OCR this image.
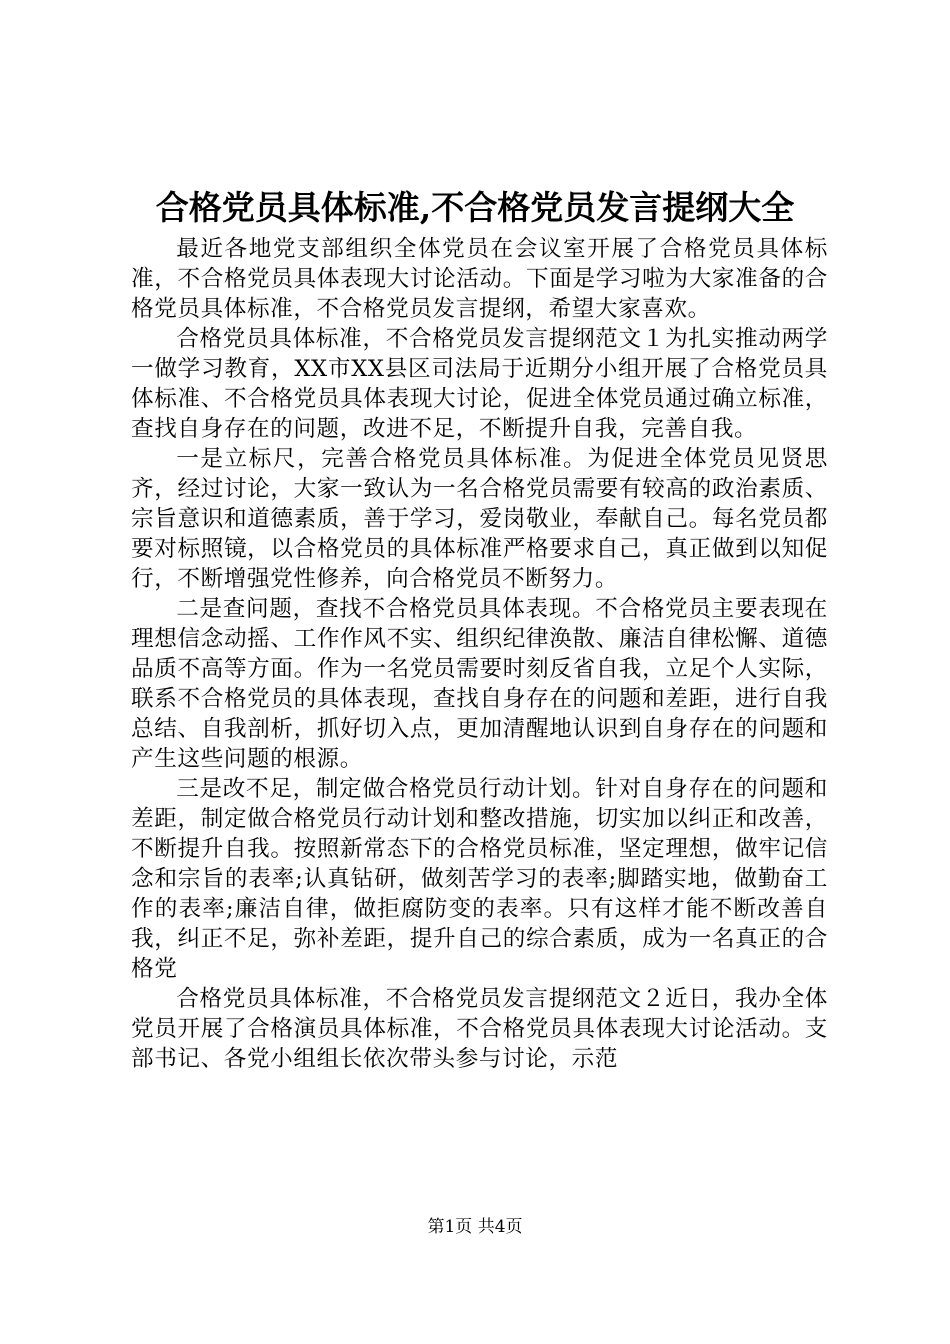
合格党员具体标准,不合格党员发言提纲大全

最近各地党支部组织全体党员在会议室开展了合格党员具体标准，不合格党员具体表现大讨论活动。下面是学习啦为大家准备的合格党员具体标准，不合格党员发言提纲，希望大家喜欢。

合格党员具体标准，不合格党员发言提纲范文１为扎实推动两学一做学习教育，XX市XX县区司法局于近期分小组开展了合格党员具体标准、不合格党员具体表现大讨论，促进全体党员通过确立标准，查找自身存在的问题，改进不足，不断提升自我，完善自我。

一是立标尺，完善合格党员具体标准。为促进全体党员见贤思齐，经过讨论，大家一致认为一名合格党员需要有较高的政治素质、宗旨意识和道德素质，善于学习，爱岗敬业，奉献自己。每名党员都要对标照镜，以合格党员的具体标准严格要求自己，真正做到以知促行，不断增强党性修养，向合格党员不断努力。

二是查问题，查找不合格党员具体表现。不合格党员主要表现在理想信念动摇、工作作风不实、组织纪律涣散、廉洁自律松懈、道德品质不高等方面。作为一名党员需要时刻反省自我，立足个人实际，联系不合格党员的具体表现，查找自身存在的问题和差距，进行自我总结、自我剖析，抓好切入点，更加清醒地认识到自身存在的问题和产生这些问题的根源。

三是改不足，制定做合格党员行动计划。针对自身存在的问题和差距，制定做合格党员行动计划和整改措施，切实加以纠正和改善，不断提升自我。按照新常态下的合格党员标准，坚定理想，做牢记信念和宗旨的表率;认真钻研，做刻苦学习的表率;脚踏实地，做勤奋工作的表率;廉洁自律，做拒腐防变的表率。只有这样才能不断改善自我，纠正不足，弥补差距，提升自己的综合素质，成为一名真正的合格党

合格党员具体标准，不合格党员发言提纲范文２近日，我办全体党员开展了合格演员具体标准，不合格党员具体表现大讨论活动。支部书记、各党小组组长依次带头参与讨论，示范

第1页 共4页
